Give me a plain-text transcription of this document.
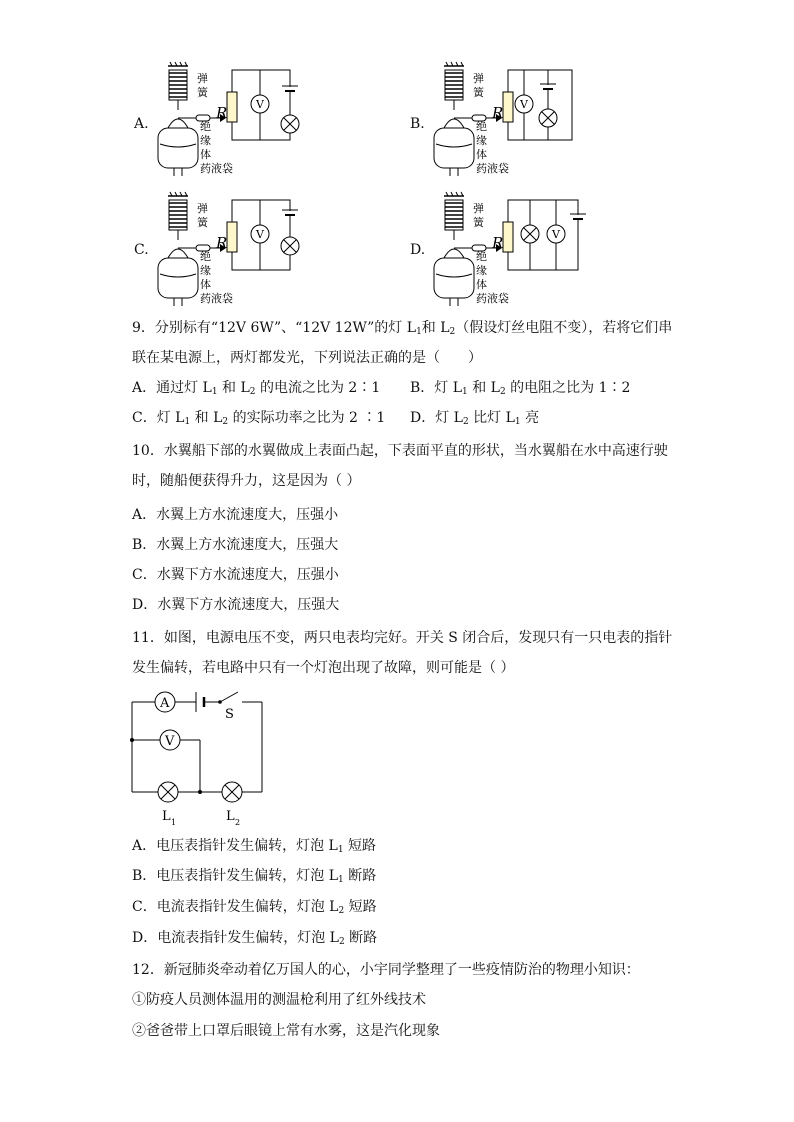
弹
簧
R
绝
缘
体
药液袋
V
弹
簧
R
绝
缘
体
药液袋
V
弹
簧
R
绝
缘
体
药液袋
V
弹
簧
R
绝
缘
体
药液袋
V
A.	B.
C.	D.
9．分别标有“12V 6W”、“12V 12W”的灯 $L_1$和 $L_2$（假设灯丝电阻不变），若将它们串
联在某电源上，两灯都发光，下列说法正确的是（　　）
A．通过灯 $L_1$ 和 $L_2$ 的电流之比为 2∶1 B．灯 $L_1$ 和 $L_2$ 的电阻之比为 1∶2
C．灯 $L_1$ 和 $L_2$ 的实际功率之比为 2 ∶1 D．灯 $L_2$ 比灯 $L_1$ 亮
10．水翼船下部的水翼做成上表面凸起，下表面平直的形状，当水翼船在水中高速行驶
时，随船便获得升力，这是因为（ ）
A．水翼上方水流速度大，压强小
B．水翼上方水流速度大，压强大
C．水翼下方水流速度大，压强小
D．水翼下方水流速度大，压强大
11．如图，电源电压不变，两只电表均完好。开关 S 闭合后，发现只有一只电表的指针
发生偏转，若电路中只有一个灯泡出现了故障，则可能是（ ）
A
V
S
L 1	L 2
A．电压表指针发生偏转，灯泡 $L_1$ 短路
B．电压表指针发生偏转，灯泡 $L_1$ 断路
C．电流表指针发生偏转，灯泡 $L_2$ 短路
D．电流表指针发生偏转，灯泡 $L_2$ 断路
12．新冠肺炎牵动着亿万国人的心，小宇同学整理了一些疫情防治的物理小知识：
①防疫人员测体温用的测温枪利用了红外线技术
②爸爸带上口罩后眼镜上常有水雾，这是汽化现象
